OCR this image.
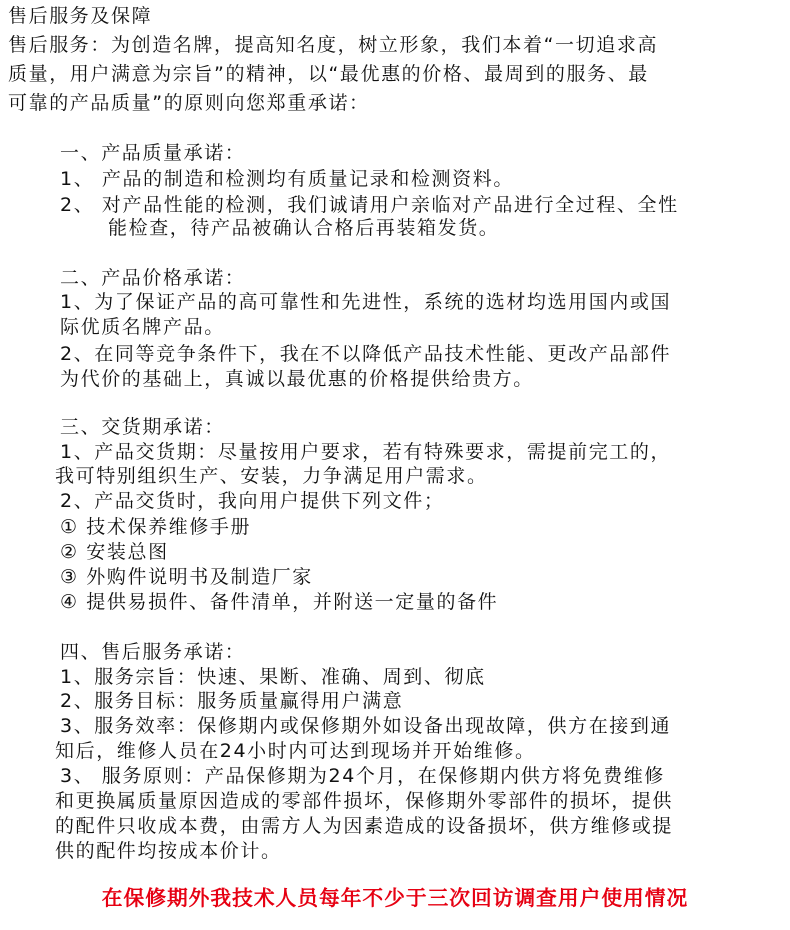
售后服务及保障
售后服务：为创造名牌，提高知名度，树立形象，我们本着“一切追求高
质量，用户满意为宗旨”的精神，以“最优惠的价格、最周到的服务、最
可靠的产品质量”的原则向您郑重承诺：
一、产品质量承诺：
1、 产品的制造和检测均有质量记录和检测资料。
2、 对产品性能的检测，我们诚请用户亲临对产品进行全过程、全性
能检查，待产品被确认合格后再装箱发货。
二、产品价格承诺：
1、为了保证产品的高可靠性和先进性，系统的选材均选用国内或国
际优质名牌产品。
2、在同等竞争条件下，我在不以降低产品技术性能、更改产品部件
为代价的基础上，真诚以最优惠的价格提供给贵方。
三、交货期承诺：
1、产品交货期：尽量按用户要求，若有特殊要求，需提前完工的，
我可特别组织生产、安装，力争满足用户需求。
2、产品交货时，我向用户提供下列文件；
① 技术保养维修手册
② 安装总图
③ 外购件说明书及制造厂家
④ 提供易损件、备件清单，并附送一定量的备件
四、售后服务承诺：
1、服务宗旨：快速、果断、准确、周到、彻底
2、服务目标：服务质量赢得用户满意
3、服务效率：保修期内或保修期外如设备出现故障，供方在接到通
知后，维修人员在24小时内可达到现场并开始维修。
3、 服务原则：产品保修期为24个月，在保修期内供方将免费维修
和更换属质量原因造成的零部件损坏，保修期外零部件的损坏，提供
的配件只收成本费，由需方人为因素造成的设备损坏，供方维修或提
供的配件均按成本价计。
在保修期外我技术人员每年不少于三次回访调查用户使用情况
